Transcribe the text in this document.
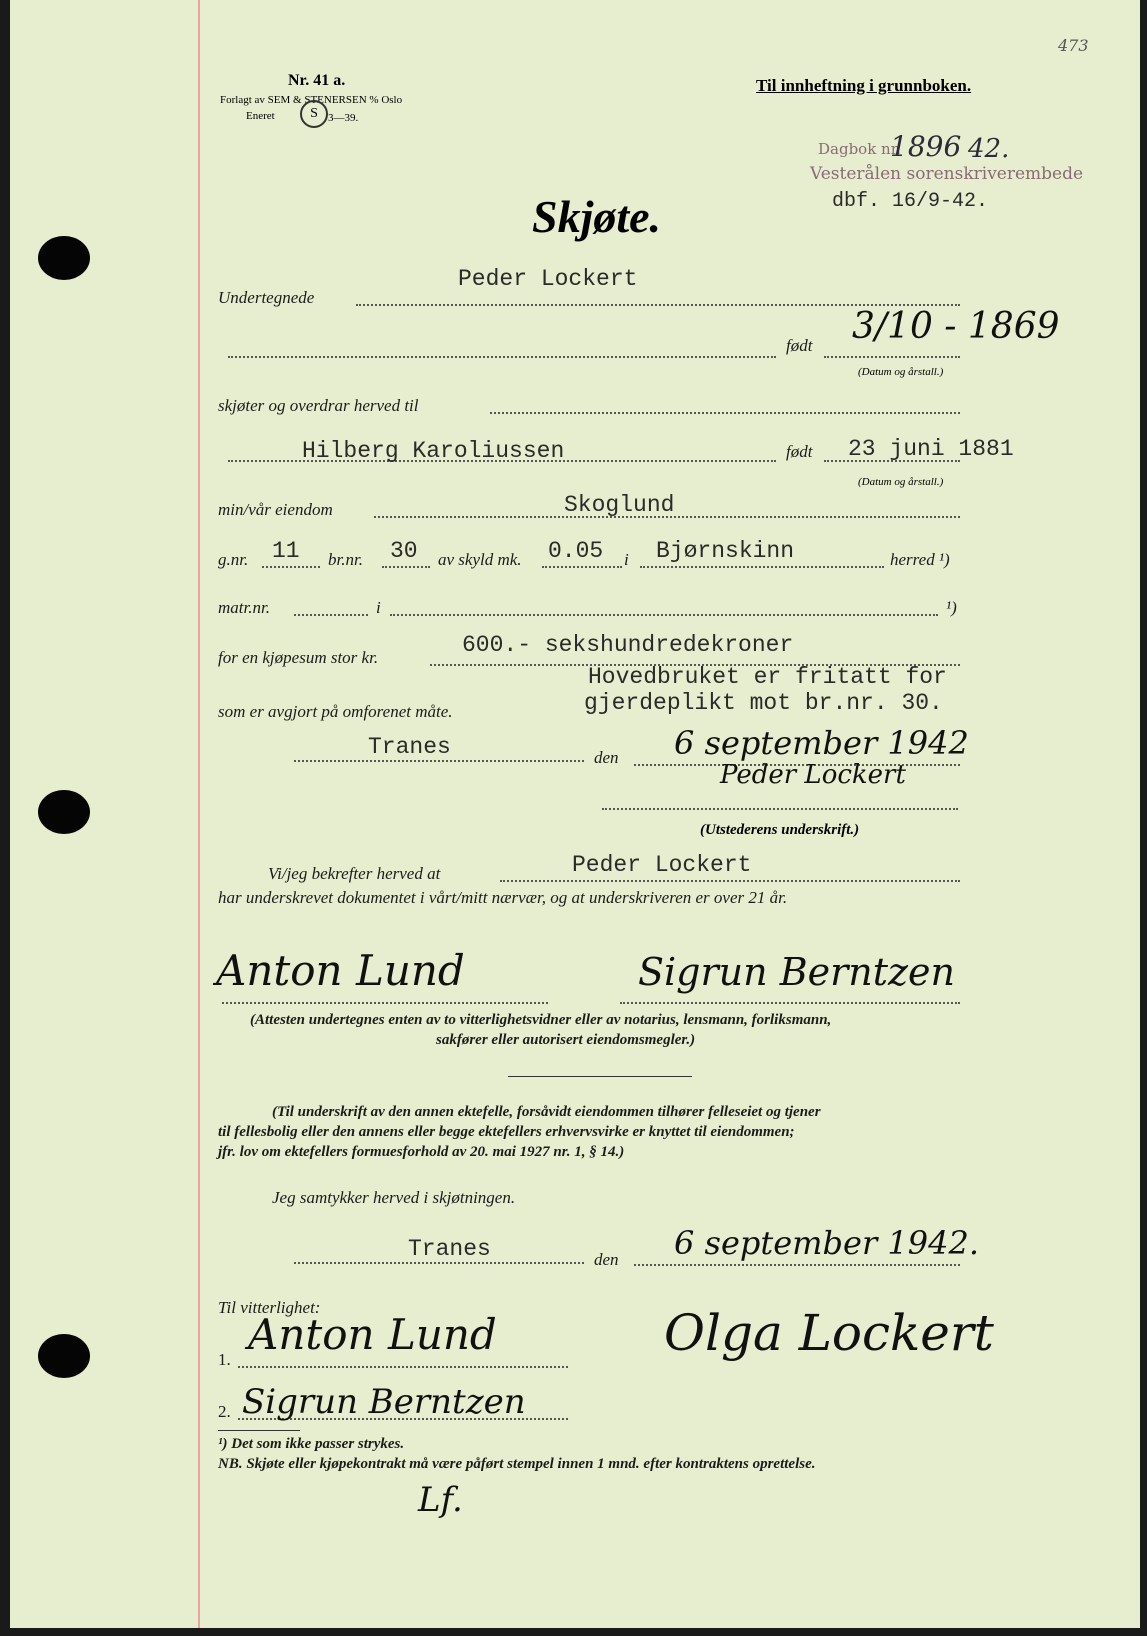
Nr. 41 a.
Forlagt av SEM & STENERSEN % Oslo
Eneret	S 3—39.
Til innheftning i grunnboken.
473
Dagbok nr.
1896 42.
Vesterålen sorenskriverembede
dbf. 16/9-42.
Skjøte.
Undertegnede
Peder Lockert
født 3/10 - 1869
(Datum og årstall.)
skjøter og overdrar herved til
Hilberg Karoliussen	født 23 juni 1881
(Datum og årstall.)
min/vår eiendom	Skoglund
g.nr. 11 br.nr. 30 av skyld mk. 0.05 i Bjørnskinn	herred ¹)
matr.nr.	i	¹)
for en kjøpesum stor kr.	600.- sekshundredekroner
Hovedbruket er fritatt for
gjerdeplikt mot br.nr. 30.
som er avgjort på omforenet måte.
Tranes	den 6 september 1942
Peder Lockert
(Utstederens underskrift.)
Vi/jeg bekrefter herved at	Peder Lockert
har underskrevet dokumentet i vårt/mitt nærvær, og at underskriveren er over 21 år.
Anton Lund	Sigrun Berntzen
(Attesten undertegnes enten av to vitterlighetsvidner eller av notarius, lensmann, forliksmann,
sakfører eller autorisert eiendomsmegler.)
(Til underskrift av den annen ektefelle, forsåvidt eiendommen tilhører felleseiet og tjener
til fellesbolig eller den annens eller begge ektefellers erhvervsvirke er knyttet til eiendommen;
jfr. lov om ektefellers formuesforhold av 20. mai 1927 nr. 1, § 14.)
Jeg samtykker herved i skjøtningen.
Tranes	den 6 september 1942.
Til vitterlighet:
1.
Anton Lund
2. Sigrun Berntzen
Olga Lockert
¹) Det som ikke passer strykes.
NB. Skjøte eller kjøpekontrakt må være påført stempel innen 1 mnd. efter kontraktens oprettelse.
Lf.
